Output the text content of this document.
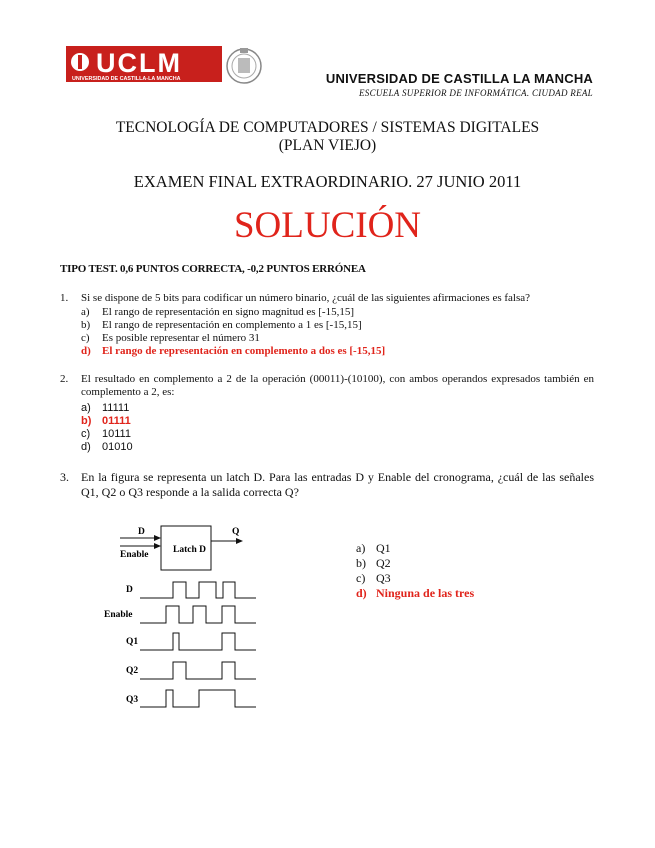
UCLM
UNIVERSIDAD DE CASTILLA-LA MANCHA	UNIVERSIDAD DE CASTILLA LA MANCHA
ESCUELA SUPERIOR DE INFORMÁTICA. CIUDAD REAL
TECNOLOGÍA DE COMPUTADORES / SISTEMAS DIGITALES
(PLAN VIEJO)
EXAMEN FINAL EXTRAORDINARIO. 27 JUNIO 2011
SOLUCIÓN
TIPO TEST. 0,6 PUNTOS CORRECTA, -0,2 PUNTOS ERRÓNEA
1. Si se dispone de 5 bits para codificar un número binario, ¿cuál de las siguientes afirmaciones es falsa?
a) El rango de representación en signo magnitud es [-15,15]
b) El rango de representación en complemento a 1 es [-15,15]
c) Es posible representar el número 31
d) El rango de representación en complemento a dos es [-15,15]
2. El resultado en complemento a 2 de la operación (00011)-(10100), con ambos operandos expresados también en complemento a 2, es:
a) 11111
b) 01111
c) 10111
d) 01010
3. En la figura se representa un latch D. Para las entradas D y Enable del cronograma, ¿cuál de las señales Q1, Q2 o Q3 responde a la salida correcta Q?
Latch D
D
Enable
Q
D
Enable
Q1
Q2
Q3
a) Q1
b) Q2
c) Q3
d) Ninguna de las tres
